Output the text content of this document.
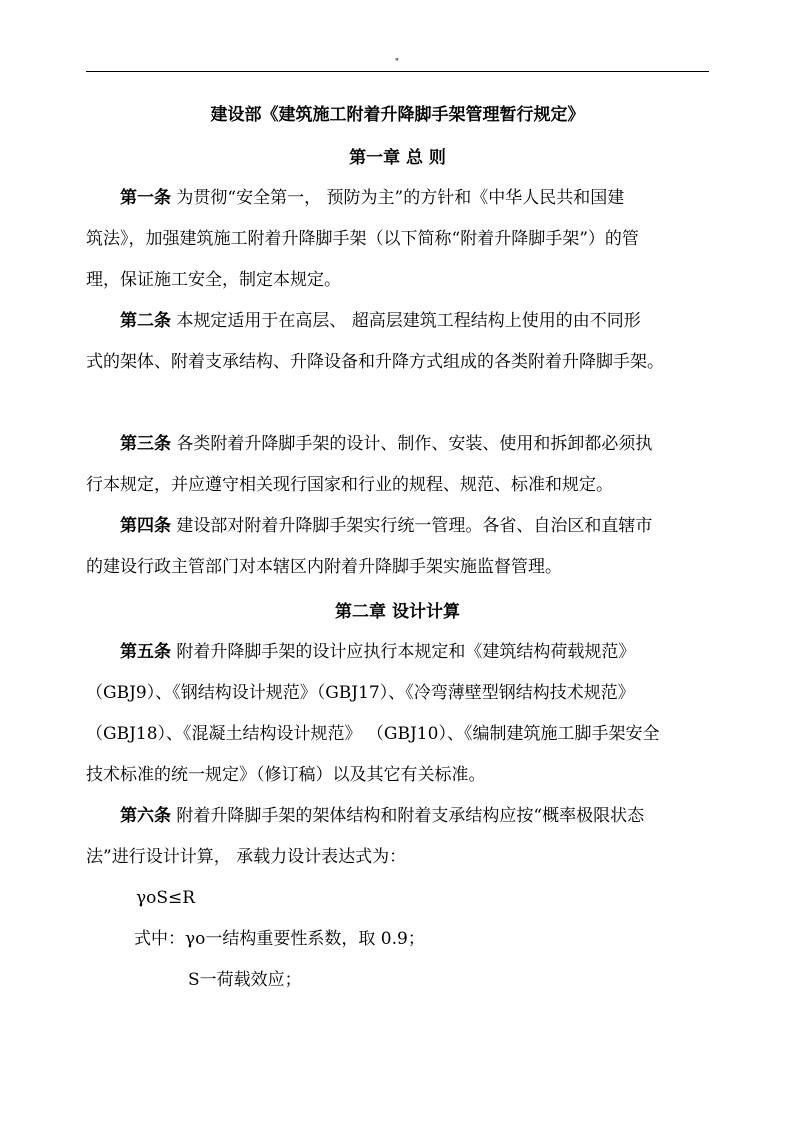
"

建设部《建筑施工附着升降脚手架管理暂行规定》

第一章 总 则

第一条 为贯彻“安全第一， 预防为主”的方针和《中华人民共和国建

筑法》，加强建筑施工附着升降脚手架（以下简称“附着升降脚手架”）的管
理，保证施工安全，制定本规定。

第二条 本规定适用于在高层、 超高层建筑工程结构上使用的由不同形

式的架体、附着支承结构、升降设备和升降方式组成的各类附着升降脚手架。

第三条 各类附着升降脚手架的设计、制作、安装、使用和拆卸都必须执

行本规定，并应遵守相关现行国家和行业的规程、规范、标准和规定。

第四条 建设部对附着升降脚手架实行统一管理。各省、自治区和直辖市

的建设行政主管部门对本辖区内附着升降脚手架实施监督管理。

第二章 设计计算

第五条 附着升降脚手架的设计应执行本规定和《建筑结构荷载规范》

（GBJ9）、《钢结构设计规范》（GBJ17）、《冷弯薄壁型钢结构技术规范》
（GBJ18）、《混凝土结构设计规范》 （GBJ10）、《编制建筑施工脚手架安全
技术标准的统一规定》（修订稿）以及其它有关标准。

第六条 附着升降脚手架的架体结构和附着支承结构应按“概率极限状态

法”进行设计计算， 承载力设计表达式为：

γoS≤R

式中：γo一结构重要性系数，取 0.9；

S一荷载效应；
